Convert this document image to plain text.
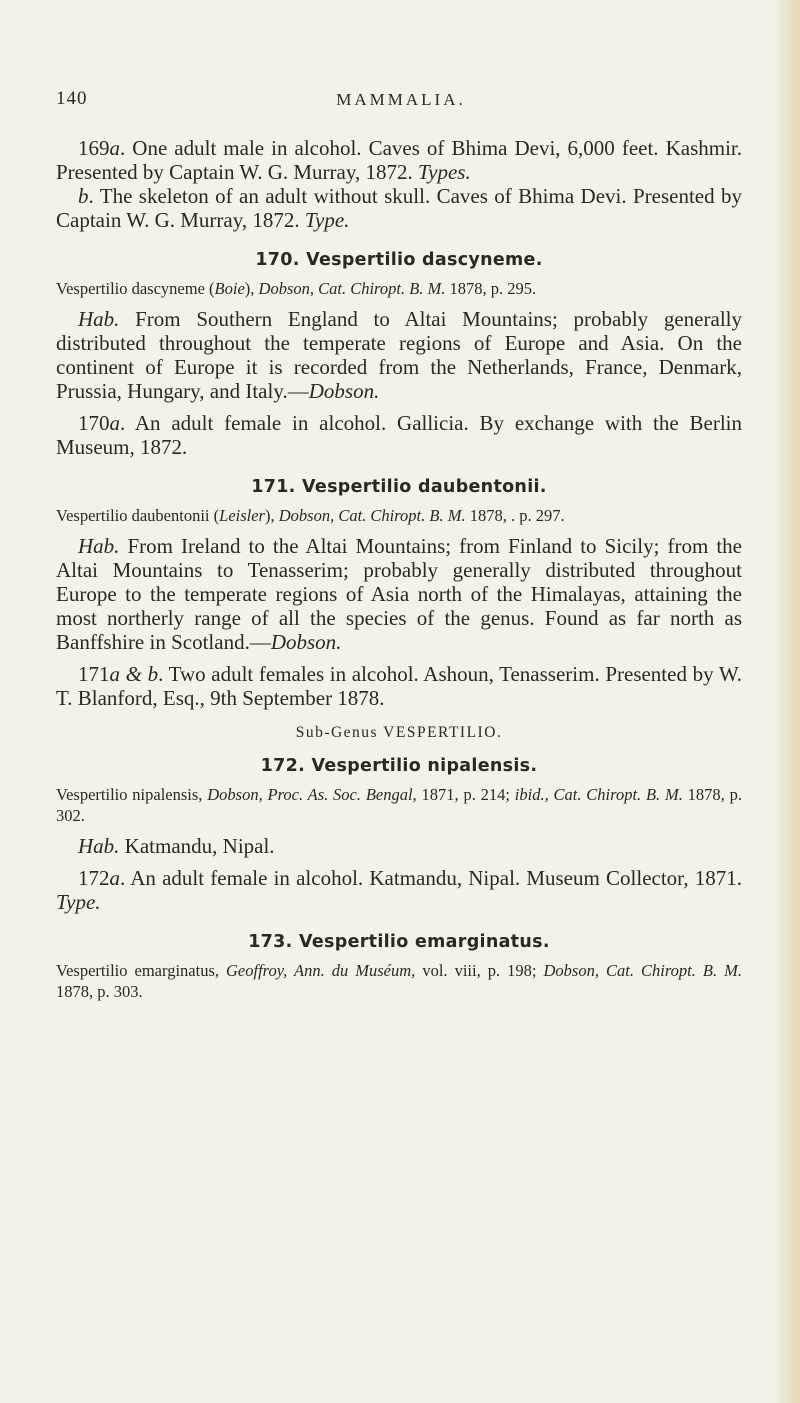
140	MAMMALIA.

169a. One adult male in alcohol. Caves of Bhima Devi, 6,000 feet. Kashmir. Presented by Captain W. G. Murray, 1872. Types.

b. The skeleton of an adult without skull. Caves of Bhima Devi. Presented by Captain W. G. Murray, 1872. Type.

170. Vespertilio dascyneme.

Vespertilio dascyneme (Boie), Dobson, Cat. Chiropt. B. M. 1878, p. 295.

Hab. From Southern England to Altai Mountains; probably generally distributed throughout the temperate regions of Europe and Asia. On the continent of Europe it is recorded from the Netherlands, France, Denmark, Prussia, Hungary, and Italy.—Dobson.

170a. An adult female in alcohol. Gallicia. By exchange with the Berlin Museum, 1872.

171. Vespertilio daubentonii.

Vespertilio daubentonii (Leisler), Dobson, Cat. Chiropt. B. M. 1878, . p. 297.

Hab. From Ireland to the Altai Mountains; from Finland to Sicily; from the Altai Mountains to Tenasserim; probably generally distributed throughout Europe to the temperate regions of Asia north of the Himalayas, attaining the most northerly range of all the species of the genus. Found as far north as Banffshire in Scotland.—Dobson.

171a & b. Two adult females in alcohol. Ashoun, Tenasserim. Presented by W. T. Blanford, Esq., 9th September 1878.

Sub-Genus VESPERTILIO.
172. Vespertilio nipalensis.

Vespertilio nipalensis, Dobson, Proc. As. Soc. Bengal, 1871, p. 214; ibid., Cat. Chiropt. B. M. 1878, p. 302.

Hab. Katmandu, Nipal.

172a. An adult female in alcohol. Katmandu, Nipal. Museum Collector, 1871. Type.

173. Vespertilio emarginatus.

Vespertilio emarginatus, Geoffroy, Ann. du Muséum, vol. viii, p. 198; Dobson, Cat. Chiropt. B. M. 1878, p. 303.
